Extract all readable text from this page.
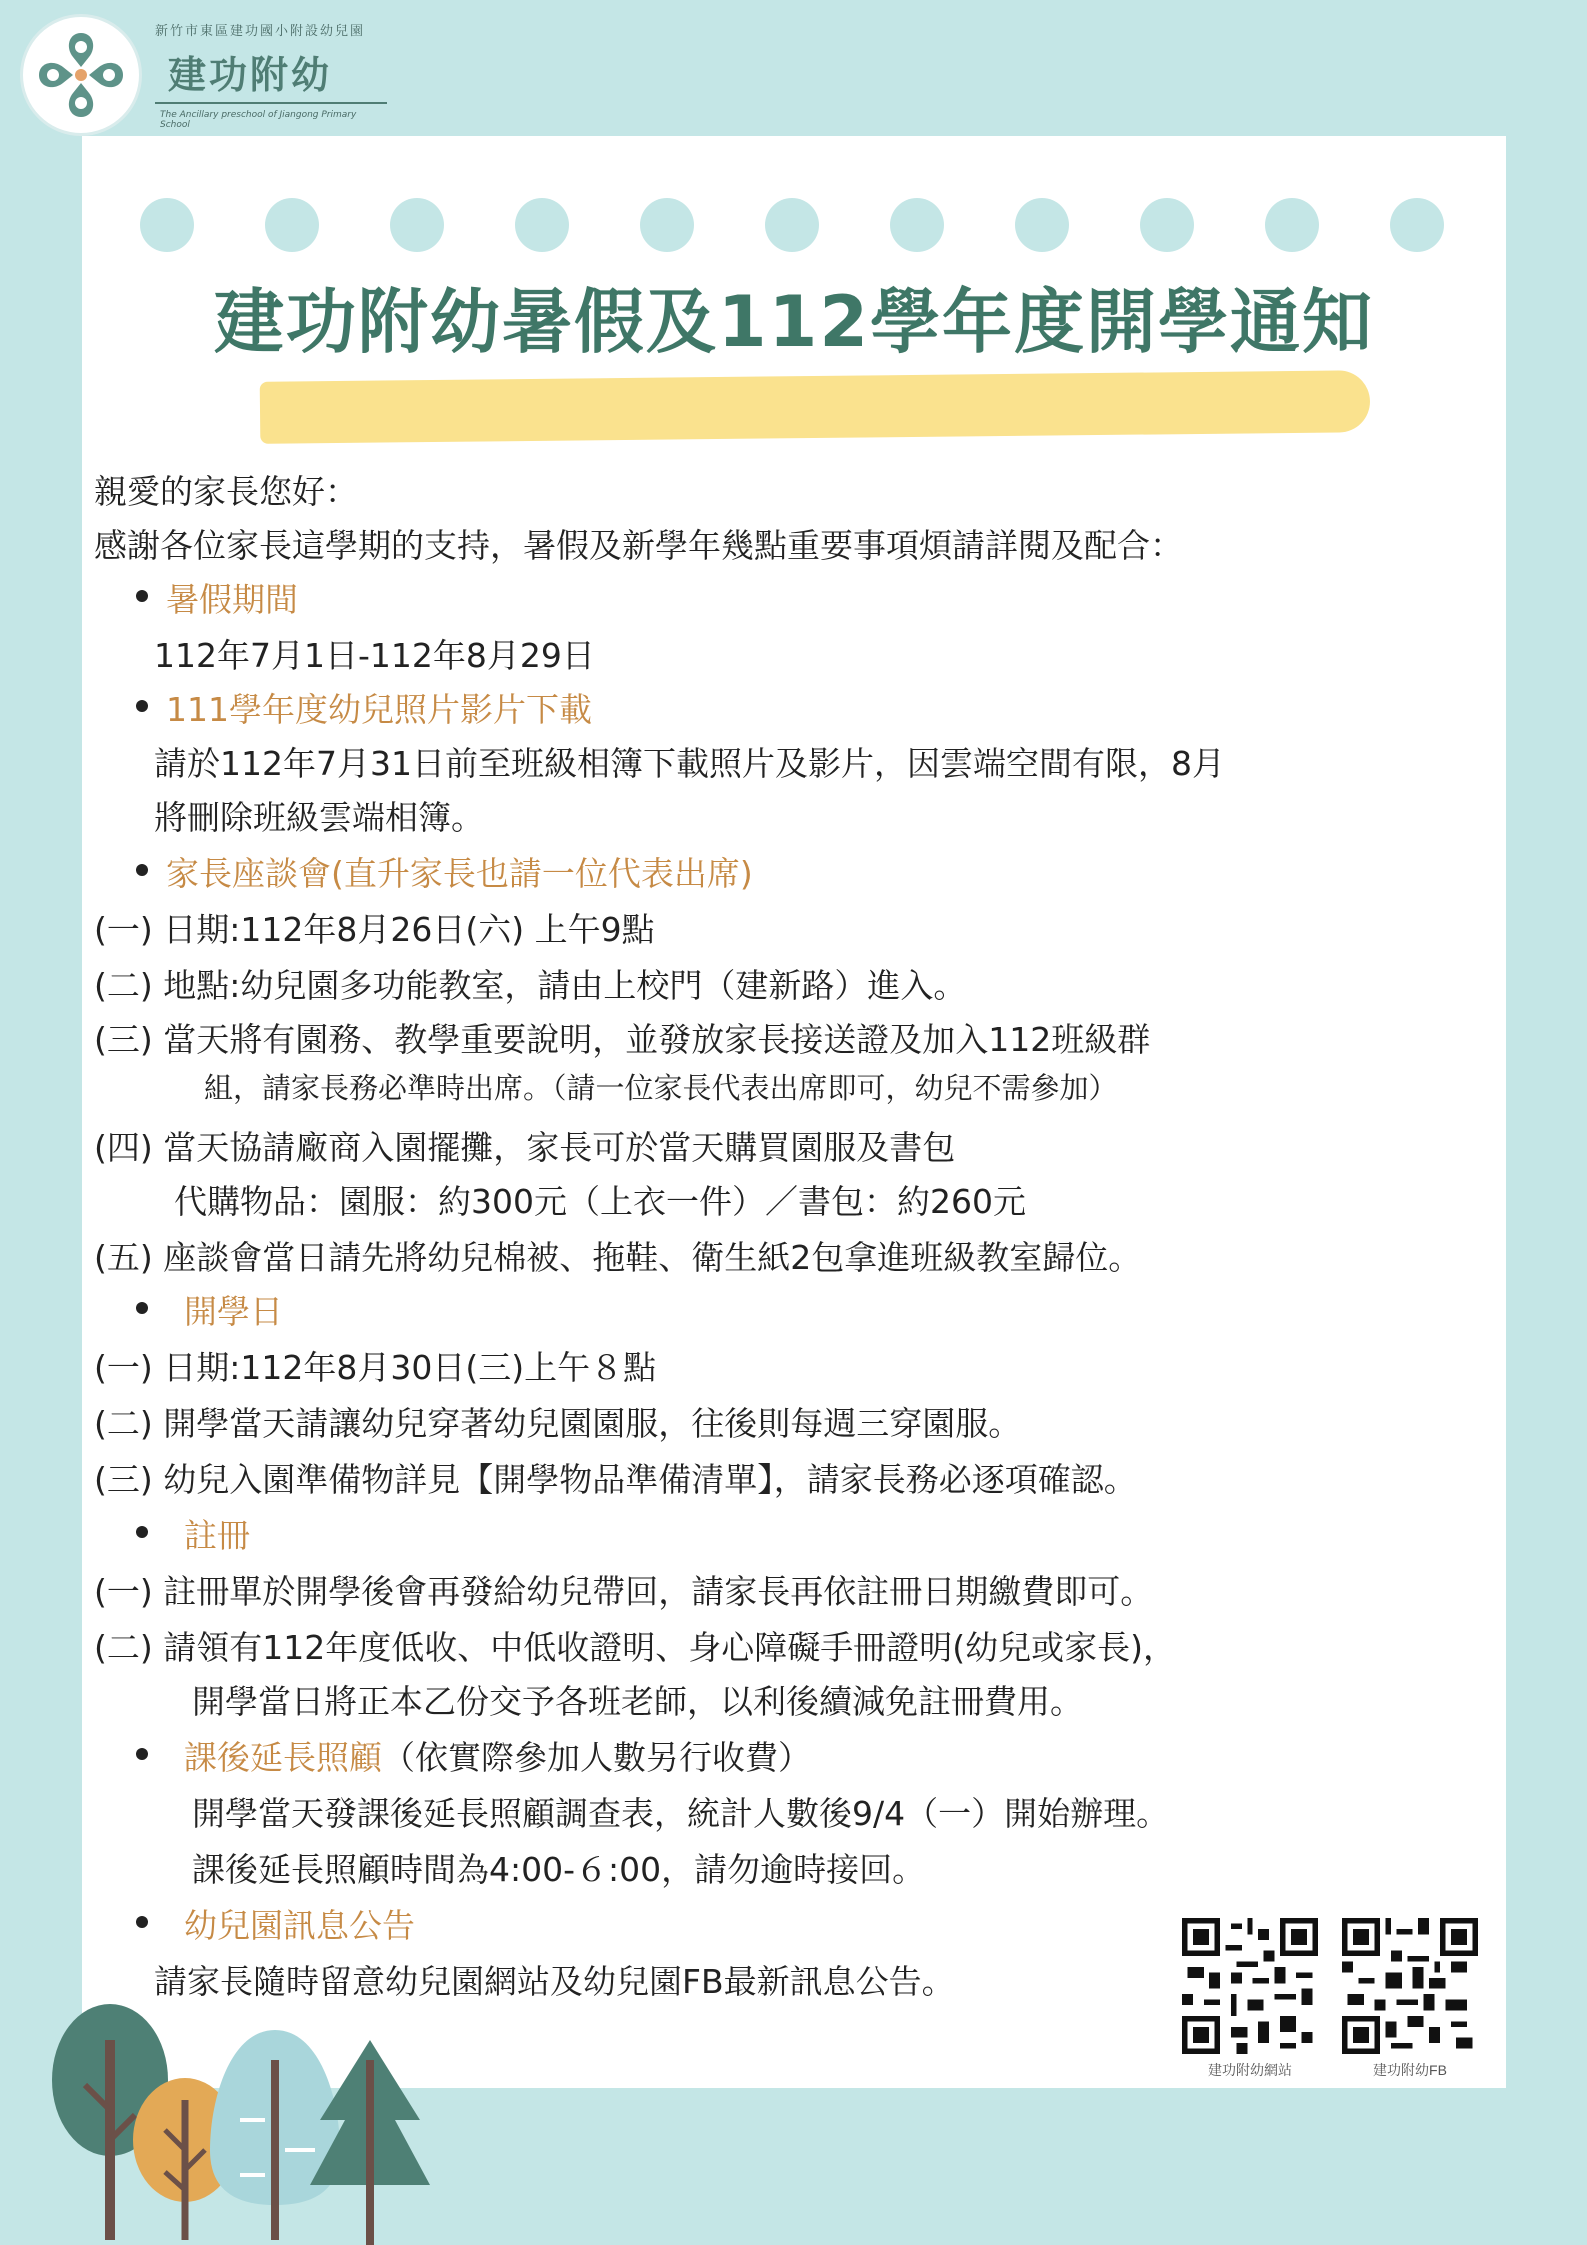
新竹市東區建功國小附設幼兒園
建功附幼
The Ancillary preschool of Jiangong Primary School
建功附幼暑假及112學年度開學通知
親愛的家長您好：
感謝各位家長這學期的支持，暑假及新學年幾點重要事項煩請詳閱及配合：
暑假期間
112年7月1日-112年8月29日
111學年度幼兒照片影片下載
請於112年7月31日前至班級相簿下載照片及影片，因雲端空間有限，8月
將刪除班級雲端相簿。
家長座談會(直升家長也請一位代表出席)
(一) 日期:112年8月26日(六) 上午9點
(二) 地點:幼兒園多功能教室，請由上校門（建新路）進入。
(三) 當天將有園務、教學重要說明，並發放家長接送證及加入112班級群
組，請家長務必準時出席。（請一位家長代表出席即可，幼兒不需參加）
(四) 當天協請廠商入園擺攤，家長可於當天購買園服及書包
代購物品：園服：約300元（上衣一件）／書包：約260元
(五) 座談會當日請先將幼兒棉被、拖鞋、衛生紙2包拿進班級教室歸位。
開學日
(一) 日期:112年8月30日(三)上午８點
(二) 開學當天請讓幼兒穿著幼兒園園服，往後則每週三穿園服。
(三) 幼兒入園準備物詳見【開學物品準備清單】，請家長務必逐項確認。
註冊
(一) 註冊單於開學後會再發給幼兒帶回，請家長再依註冊日期繳費即可。
(二) 請領有112年度低收、中低收證明、身心障礙手冊證明(幼兒或家長)，
開學當日將正本乙份交予各班老師，以利後續減免註冊費用。
課後延長照顧（依實際參加人數另行收費）
開學當天發課後延長照顧調查表，統計人數後9/4（一）開始辦理。
課後延長照顧時間為4:00-６:00，請勿逾時接回。
幼兒園訊息公告
請家長隨時留意幼兒園網站及幼兒園FB最新訊息公告。
建功附幼網站	建功附幼FB
